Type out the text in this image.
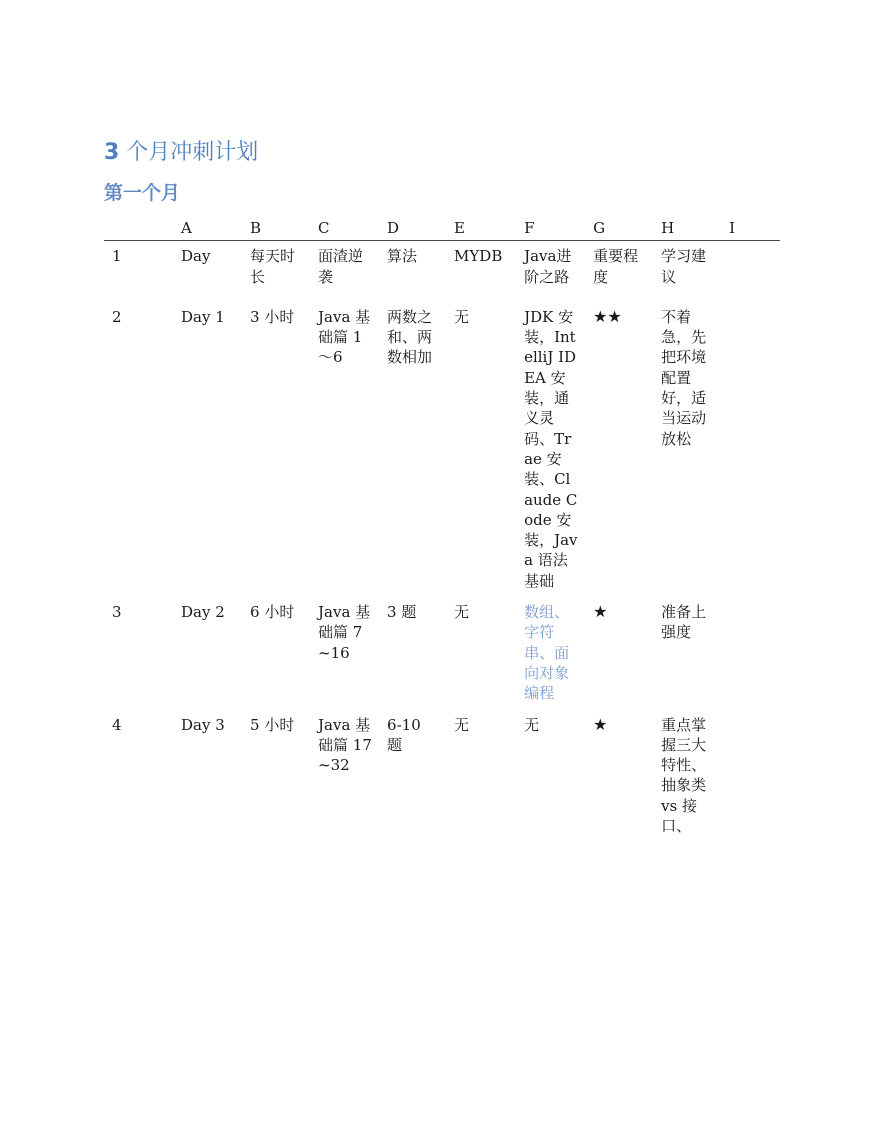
3 个月冲刺计划
第一个月
	A	B	C	D	E	F	G	H	I
1	Day	每天时长	面渣逆袭	算法	MYDB	Java进阶之路	重要程度	学习建议	
2	Day 1	3 小时	Java 基础篇 1～6	两数之和、两数相加	无	JDK 安装，IntelliJ IDEA 安装，通义灵码、Trae 安装、Claude Code 安装，Java 语法基础	★★	不着急，先把环境配置好，适当运动放松	
3	Day 2	6 小时	Java 基础篇 7~16	3 题	无	数组、字符串、面向对象编程	★	准备上强度	
4	Day 3	5 小时	Java 基础篇 17~32	6-10 题	无	无	★	重点掌握三大特性、抽象类 vs 接口、	
